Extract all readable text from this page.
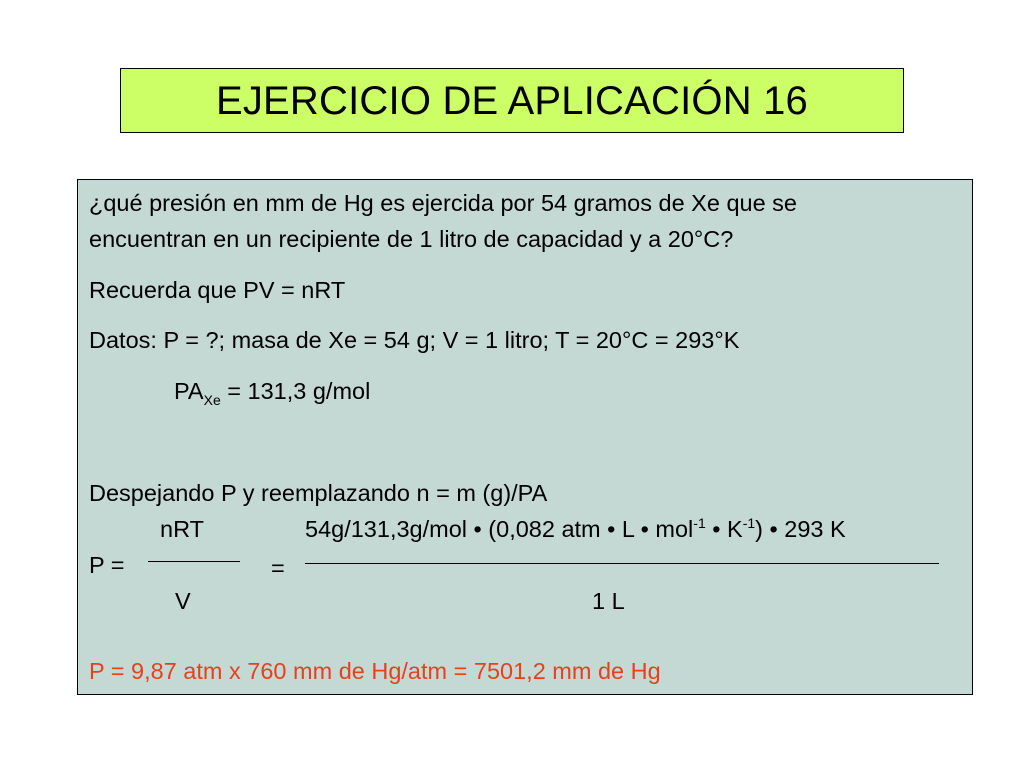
EJERCICIO DE APLICACIÓN 16
¿qué presión en mm de Hg es ejercida por 54 gramos de Xe que se
encuentran en un recipiente de 1 litro de capacidad y a 20°C?
Recuerda que PV = nRT
Datos: P = ?; masa de Xe = 54 g; V = 1 litro; T = 20°C = 293°K
$PA_{Xe} = 131,3$ g/mol
Despejando P y reemplazando n = m (g)/PA
nRT	54g/131,3g/mol • (0,082 atm • L • mol$^{-1}$ • $K^{-1}$) • 293 K
P =	=
V	1 L
P = 9,87 atm x 760 mm de Hg/atm = 7501,2 mm de Hg
